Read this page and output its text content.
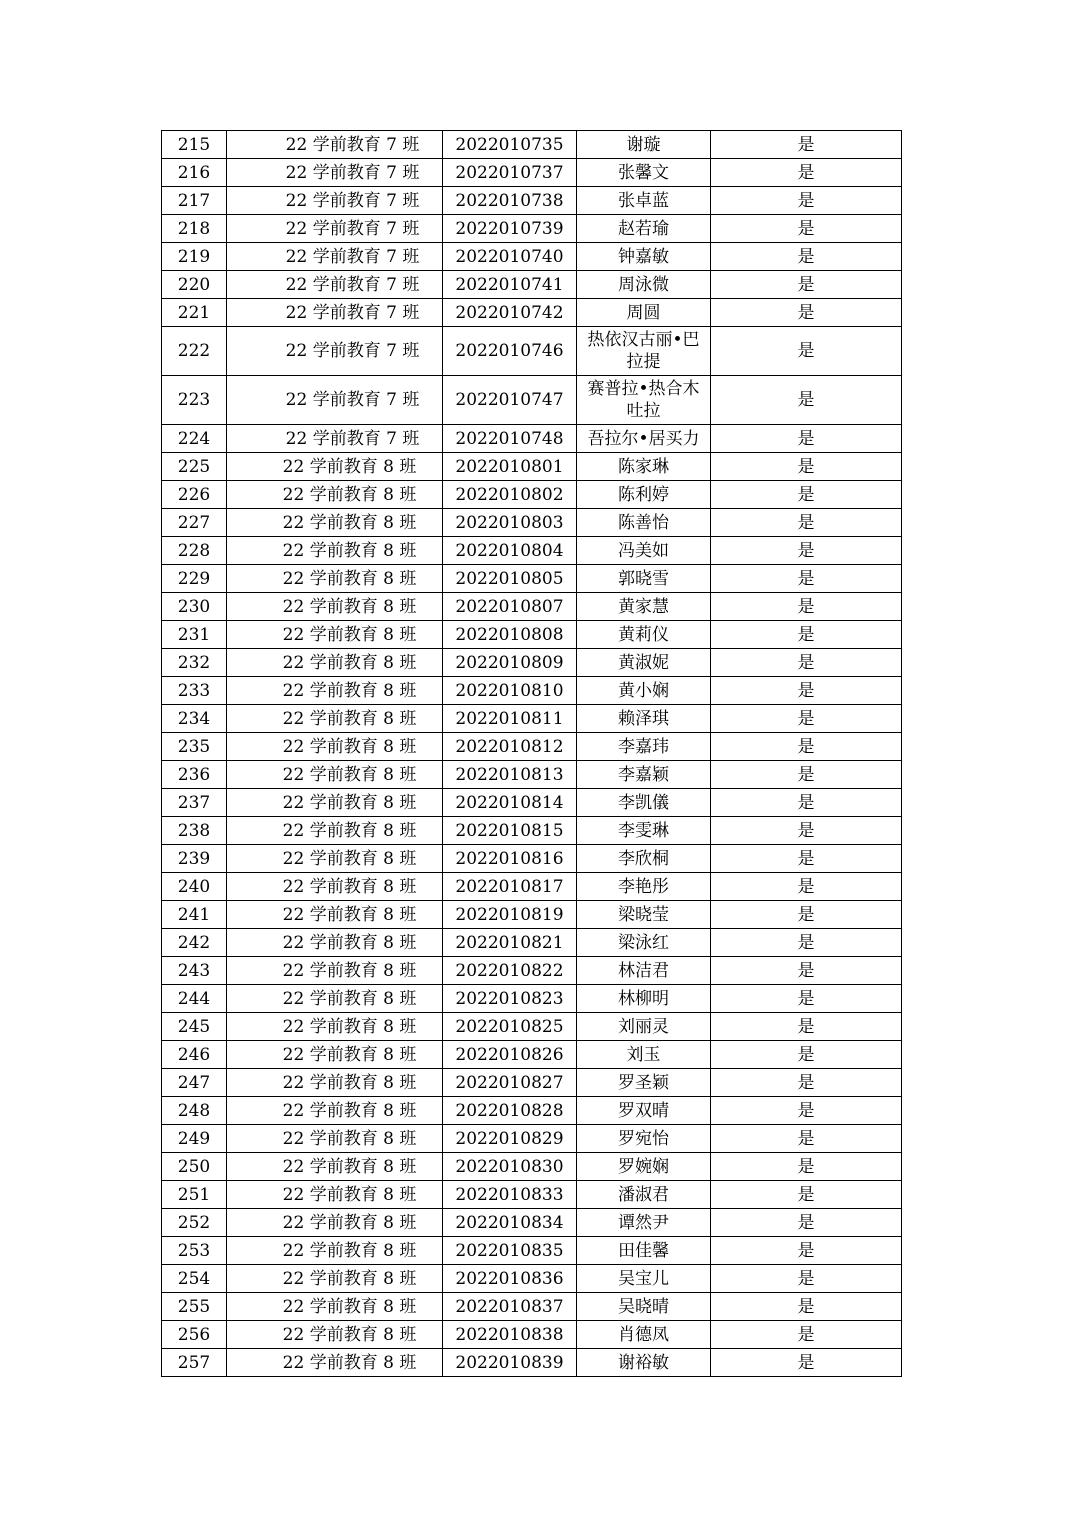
215	22 学前教育 7 班	2022010735	谢璇	是
216	22 学前教育 7 班	2022010737	张馨文	是
217	22 学前教育 7 班	2022010738	张卓蓝	是
218	22 学前教育 7 班	2022010739	赵若瑜	是
219	22 学前教育 7 班	2022010740	钟嘉敏	是
220	22 学前教育 7 班	2022010741	周泳微	是
221	22 学前教育 7 班	2022010742	周圆	是
222	22 学前教育 7 班	2022010746	热依汉古丽•巴拉提	是
223	22 学前教育 7 班	2022010747	赛普拉•热合木吐拉	是
224	22 学前教育 7 班	2022010748	吾拉尔•居买力	是
225	22 学前教育 8 班	2022010801	陈家琳	是
226	22 学前教育 8 班	2022010802	陈利婷	是
227	22 学前教育 8 班	2022010803	陈善怡	是
228	22 学前教育 8 班	2022010804	冯美如	是
229	22 学前教育 8 班	2022010805	郭晓雪	是
230	22 学前教育 8 班	2022010807	黄家慧	是
231	22 学前教育 8 班	2022010808	黄莉仪	是
232	22 学前教育 8 班	2022010809	黄淑妮	是
233	22 学前教育 8 班	2022010810	黄小娴	是
234	22 学前教育 8 班	2022010811	赖泽琪	是
235	22 学前教育 8 班	2022010812	李嘉玮	是
236	22 学前教育 8 班	2022010813	李嘉颖	是
237	22 学前教育 8 班	2022010814	李凯儀	是
238	22 学前教育 8 班	2022010815	李雯琳	是
239	22 学前教育 8 班	2022010816	李欣桐	是
240	22 学前教育 8 班	2022010817	李艳彤	是
241	22 学前教育 8 班	2022010819	梁晓莹	是
242	22 学前教育 8 班	2022010821	梁泳红	是
243	22 学前教育 8 班	2022010822	林洁君	是
244	22 学前教育 8 班	2022010823	林柳明	是
245	22 学前教育 8 班	2022010825	刘丽灵	是
246	22 学前教育 8 班	2022010826	刘玉	是
247	22 学前教育 8 班	2022010827	罗圣颖	是
248	22 学前教育 8 班	2022010828	罗双晴	是
249	22 学前教育 8 班	2022010829	罗宛怡	是
250	22 学前教育 8 班	2022010830	罗婉娴	是
251	22 学前教育 8 班	2022010833	潘淑君	是
252	22 学前教育 8 班	2022010834	谭然尹	是
253	22 学前教育 8 班	2022010835	田佳馨	是
254	22 学前教育 8 班	2022010836	吴宝儿	是
255	22 学前教育 8 班	2022010837	吴晓晴	是
256	22 学前教育 8 班	2022010838	肖德凤	是
257	22 学前教育 8 班	2022010839	谢裕敏	是
